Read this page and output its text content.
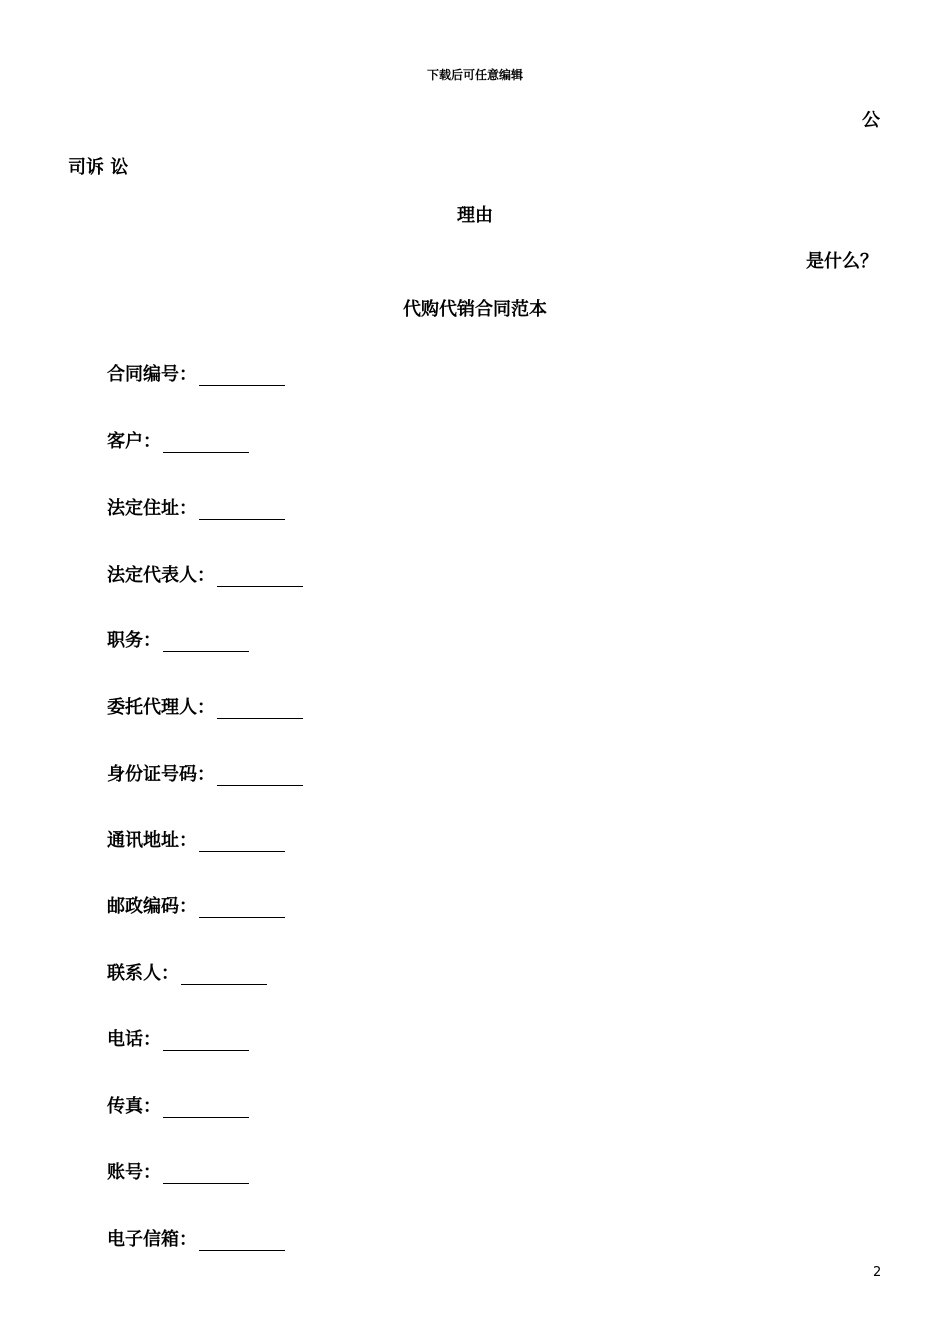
下载后可任意编辑
公
司诉 讼
理由
是什么？
代购代销合同范本
合同编号：
客户：
法定住址：
法定代表人：
职务：
委托代理人：
身份证号码：
通讯地址：
邮政编码：
联系人：
电话：
传真：
账号：
电子信箱：
2
